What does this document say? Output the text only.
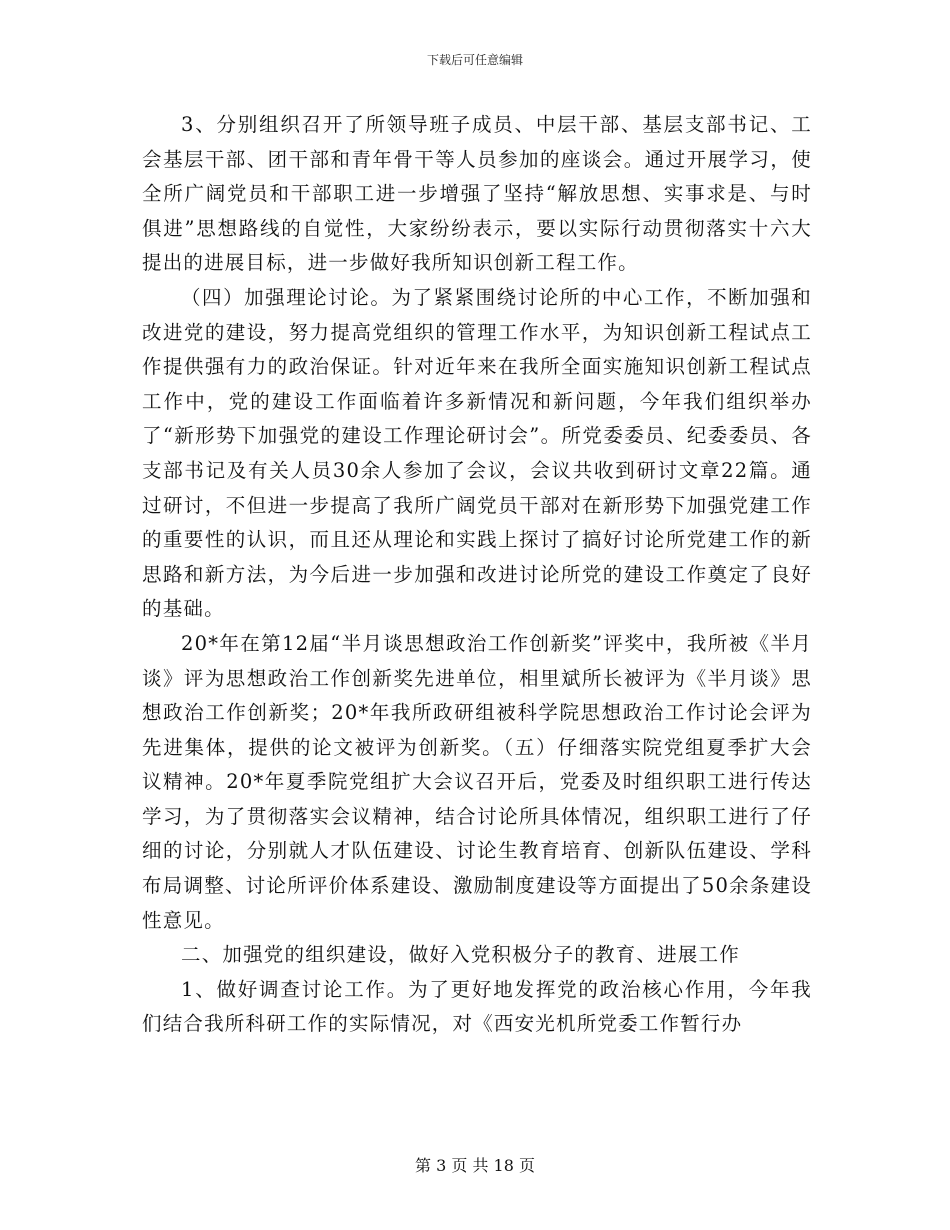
下载后可任意编辑

3、分别组织召开了所领导班子成员、中层干部、基层支部书记、工会基层干部、团干部和青年骨干等人员参加的座谈会。通过开展学习，使全所广阔党员和干部职工进一步增强了坚持“解放思想、实事求是、与时俱进”思想路线的自觉性，大家纷纷表示，要以实际行动贯彻落实十六大提出的进展目标，进一步做好我所知识创新工程工作。

（四）加强理论讨论。为了紧紧围绕讨论所的中心工作，不断加强和改进党的建设，努力提高党组织的管理工作水平，为知识创新工程试点工作提供强有力的政治保证。针对近年来在我所全面实施知识创新工程试点工作中，党的建设工作面临着许多新情况和新问题，今年我们组织举办了“新形势下加强党的建设工作理论研讨会”。所党委委员、纪委委员、各支部书记及有关人员30余人参加了会议，会议共收到研讨文章22篇。通过研讨，不但进一步提高了我所广阔党员干部对在新形势下加强党建工作的重要性的认识，而且还从理论和实践上探讨了搞好讨论所党建工作的新思路和新方法，为今后进一步加强和改进讨论所党的建设工作奠定了良好的基础。

20*年在第12届“半月谈思想政治工作创新奖”评奖中，我所被《半月谈》评为思想政治工作创新奖先进单位，相里斌所长被评为《半月谈》思想政治工作创新奖；20*年我所政研组被科学院思想政治工作讨论会评为先进集体，提供的论文被评为创新奖。（五）仔细落实院党组夏季扩大会议精神。20*年夏季院党组扩大会议召开后，党委及时组织职工进行传达学习，为了贯彻落实会议精神，结合讨论所具体情况，组织职工进行了仔细的讨论，分别就人才队伍建设、讨论生教育培育、创新队伍建设、学科布局调整、讨论所评价体系建设、激励制度建设等方面提出了50余条建设性意见。

二、加强党的组织建设，做好入党积极分子的教育、进展工作

1、做好调查讨论工作。为了更好地发挥党的政治核心作用，今年我们结合我所科研工作的实际情况，对《西安光机所党委工作暂行办

第 3 页 共 18 页
